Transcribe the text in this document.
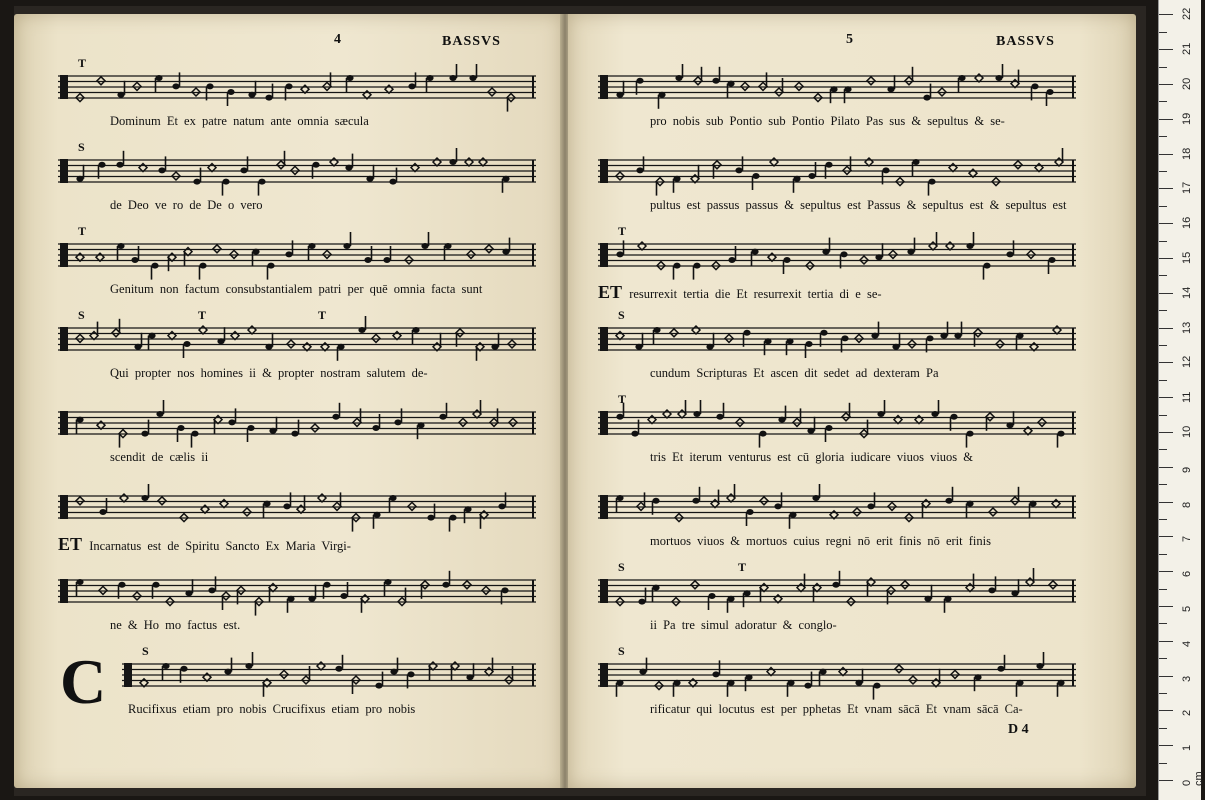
4	BASSVS
T
Dominum Et ex patre natum ante omnia sæcula
S
de Deo ve ro de De o vero
T
Genitum non factum consubstantialem patri per quē omnia facta sunt
S	T	T
Qui propter nos homines ii & propter nostram salutem de-
scendit de cælis ii
ET Incarnatus est de Spiritu Sancto Ex Maria Virgi-
ne & Ho mo factus est.
S
Rucifixus etiam pro nobis Crucifixus etiam pro nobis
C
5	BASSVS
pro nobis sub Pontio sub Pontio Pilato Pas sus & sepultus & se-
pultus est passus passus & sepultus est Passus & sepultus est & sepultus est
T
ET resurrexit tertia die Et resurrexit tertia di e se-
S
cundum Scripturas Et ascen dit sedet ad dexteram Pa
T
tris Et iterum venturus est cū gloria iudicare viuos viuos &
mortuos viuos & mortuos cuius regni nō erit finis nō erit finis
S	T
ii Pa tre simul adoratur & conglo-
S
rificatur qui locutus est per pphetas Et vnam sācā Et vnam sācā Ca-
D 4
0 cm
1
2
3
4
5
6
7
8
9
10
11
12
13
14
15
16
17
18
19
20
21
22
